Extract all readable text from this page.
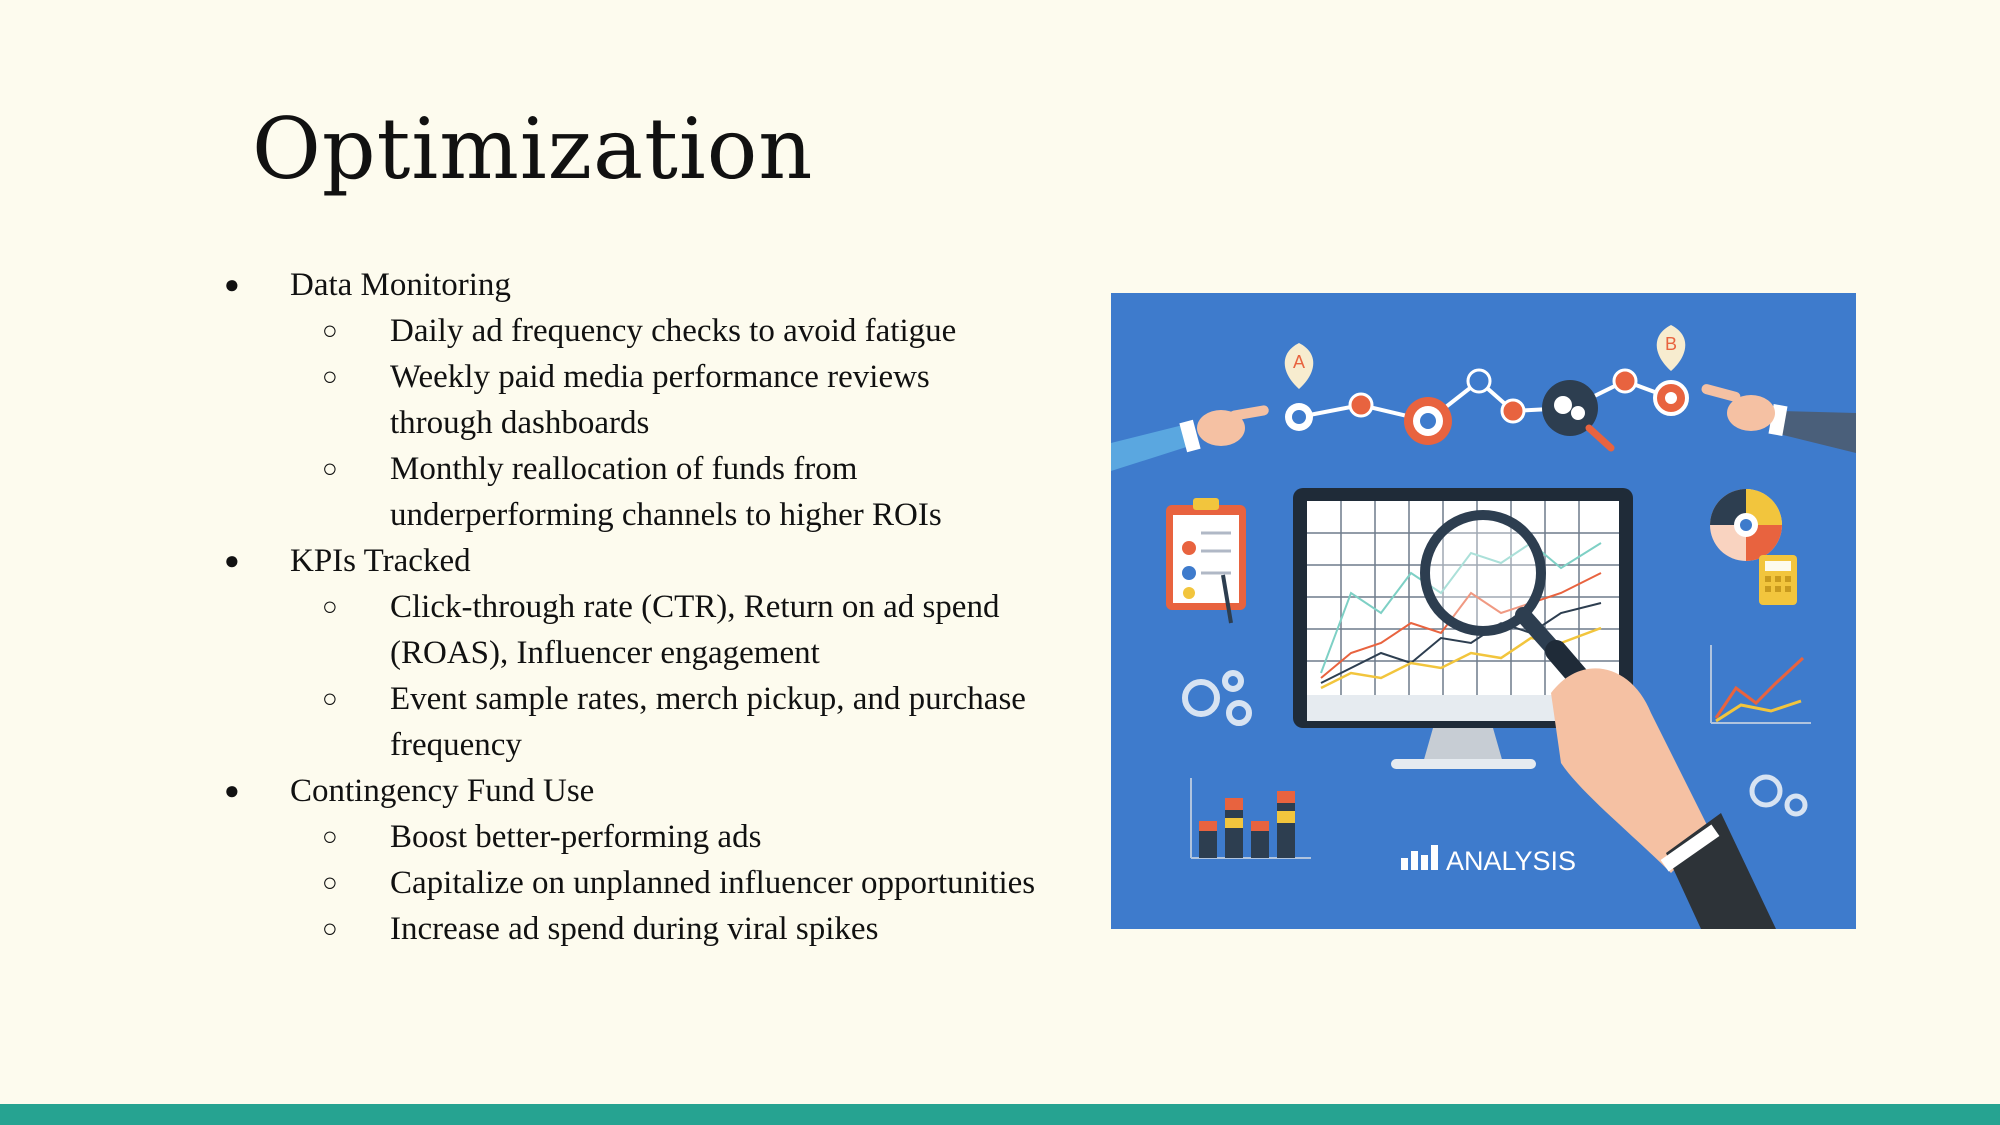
Optimization
● Data Monitoring
○ Daily ad frequency checks to avoid fatigue
○ Weekly paid media performance reviews through dashboards
○ Monthly reallocation of funds from underperforming channels to higher ROIs
● KPIs Tracked
○ Click-through rate (CTR), Return on ad spend (ROAS), Influencer engagement
○ Event sample rates, merch pickup, and purchase frequency
● Contingency Fund Use
○ Boost better-performing ads
○ Capitalize on unplanned influencer opportunities
○ Increase ad spend during viral spikes
A
B
ANALYSIS
